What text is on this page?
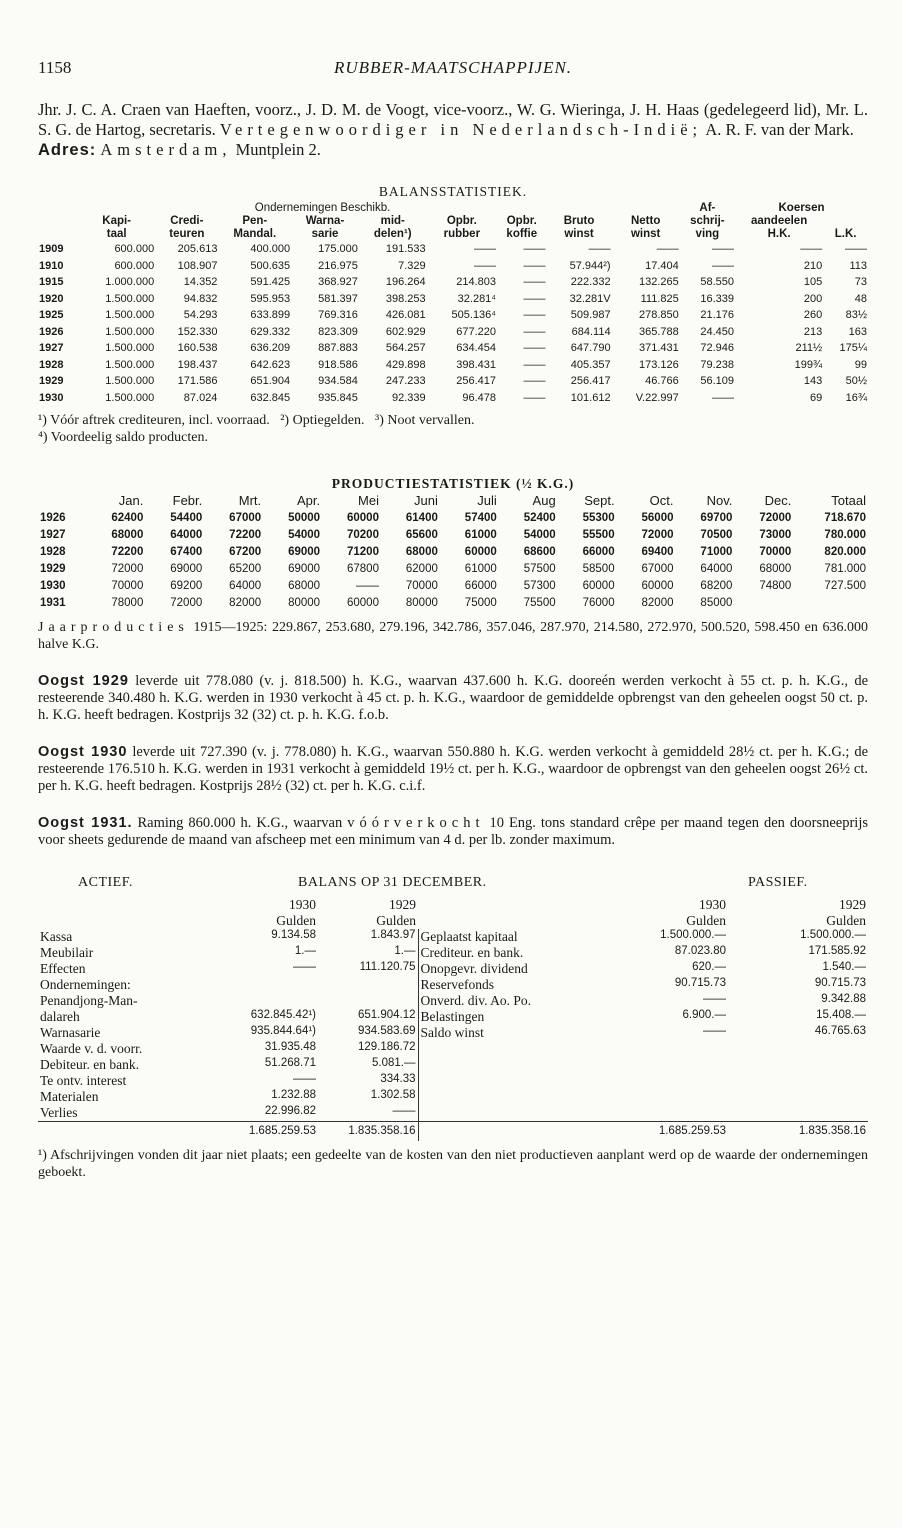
1158	RUBBER-MAATSCHAPPIJEN.

Jhr. J. C. A. Craen van Haeften, voorz., J. D. M. de Voogt, vice-voorz., W. G. Wieringa, J. H. Haas (gedelegeerd lid), Mr. L. S. G. de Hartog, secretaris. Vertegenwoordiger in Nederlandsch-Indië; A. R. F. van der Mark.

Adres: Amsterdam, Muntplein 2.

BALANSSTATISTIEK.
			Ondernemingen Beschikb.							Af-	Koersen	
	Kapi-	Credi-	Pen-	Warna-	mid-	Opbr.	Opbr.	Bruto	Netto	schrij-	aandeelen	
	taal	teuren	Mandal.	sarie	delen¹)	rubber	koffie	winst	winst	ving	H.K.	L.K.
1909	600.000	205.613	400.000	175.000	191.533	——	——	——	——	——	——	——
1910	600.000	108.907	500.635	216.975	7.329	——	——	57.944²)	17.404	——	210	113
1915	1.000.000	14.352	591.425	368.927	196.264	214.803	——	222.332	132.265	58.550	105	73
1920	1.500.000	94.832	595.953	581.397	398.253	32.281⁴	——	32.281V	111.825	16.339	200	48
1925	1.500.000	54.293	633.899	769.316	426.081	505.136⁴	——	509.987	278.850	21.176	260	83½
1926	1.500.000	152.330	629.332	823.309	602.929	677.220	——	684.114	365.788	24.450	213	163
1927	1.500.000	160.538	636.209	887.883	564.257	634.454	——	647.790	371.431	72.946	211½	175¼
1928	1.500.000	198.437	642.623	918.586	429.898	398.431	——	405.357	173.126	79.238	199¾	99
1929	1.500.000	171.586	651.904	934.584	247.233	256.417	——	256.417	46.766	56.109	143	50½
1930	1.500.000	87.024	632.845	935.845	92.339	96.478	——	101.612	V.22.997	——	69	16¾
¹) Vóór aftrek crediteuren, incl. voorraad. ²) Optiegelden. ³) Noot vervallen.
⁴) Voordeelig saldo producten.
PRODUCTIESTATISTIEK (½ K.G.)
	Jan.	Febr.	Mrt.	Apr.	Mei	Juni	Juli	Aug	Sept.	Oct.	Nov.	Dec.	Totaal
1926	62400	54400	67000	50000	60000	61400	57400	52400	55300	56000	69700	72000	718.670
1927	68000	64000	72200	54000	70200	65600	61000	54000	55500	72000	70500	73000	780.000
1928	72200	67400	67200	69000	71200	68000	60000	68600	66000	69400	71000	70000	820.000
1929	72000	69000	65200	69000	67800	62000	61000	57500	58500	67000	64000	68000	781.000
1930	70000	69200	64000	68000	——	70000	66000	57300	60000	60000	68200	74800	727.500
1931	78000	72000	82000	80000	60000	80000	75000	75500	76000	82000	85000		

Jaarproducties 1915—1925: 229.867, 253.680, 279.196, 342.786, 357.046, 287.970, 214.580, 272.970, 500.520, 598.450 en 636.000 halve K.G.

Oogst 1929 leverde uit 778.080 (v. j. 818.500) h. K.G., waarvan 437.600 h. K.G. dooreén werden verkocht à 55 ct. p. h. K.G., de resteerende 340.480 h. K.G. werden in 1930 verkocht à 45 ct. p. h. K.G., waardoor de gemiddelde opbrengst van den geheelen oogst 50 ct. p. h. K.G. heeft bedragen. Kostprijs 32 (32) ct. p. h. K.G. f.o.b.

Oogst 1930 leverde uit 727.390 (v. j. 778.080) h. K.G., waarvan 550.880 h. K.G. werden verkocht à gemiddeld 28½ ct. per h. K.G.; de resteerende 176.510 h. K.G. werden in 1931 verkocht à gemiddeld 19½ ct. per h. K.G., waardoor de opbrengst van den geheelen oogst 26½ ct. per h. K.G. heeft bedragen. Kostprijs 28½ (32) ct. per h. K.G. c.i.f.

Oogst 1931. Raming 860.000 h. K.G., waarvan vóórverkocht 10 Eng. tons standard crêpe per maand tegen den doorsneeprijs voor sheets gedurende de maand van afscheep met een minimum van 4 d. per lb. zonder maximum.

ACTIEF.	BALANS OP 31 DECEMBER.	PASSIEF.
	1930	1929		1930	1929
	Gulden	Gulden		Gulden	Gulden
Kassa	9.134.58	1.843.97	Geplaatst kapitaal	1.500.000.—	1.500.000.—
Meubilair	1.—	1.—	Crediteur. en bank.	87.023.80	171.585.92
Effecten	——	111.120.75	Onopgevr. dividend	620.—	1.540.—
Ondernemingen:			Reservefonds	90.715.73	90.715.73
Penandjong-Man-			Onverd. div. Ao. Po.	——	9.342.88
dalareh	632.845.42¹)	651.904.12	Belastingen	6.900.—	15.408.—
Warnasarie	935.844.64¹)	934.583.69	Saldo winst	——	46.765.63
Waarde v. d. voorr.	31.935.48	129.186.72			
Debiteur. en bank.	51.268.71	5.081.—			
Te ontv. interest	——	334.33			
Materialen	1.232.88	1.302.58			
Verlies	22.996.82	——			
	1.685.259.53	1.835.358.16		1.685.259.53	1.835.358.16

¹) Afschrijvingen vonden dit jaar niet plaats; een gedeelte van de kosten van den niet productieven aanplant werd op de waarde der ondernemingen geboekt.
